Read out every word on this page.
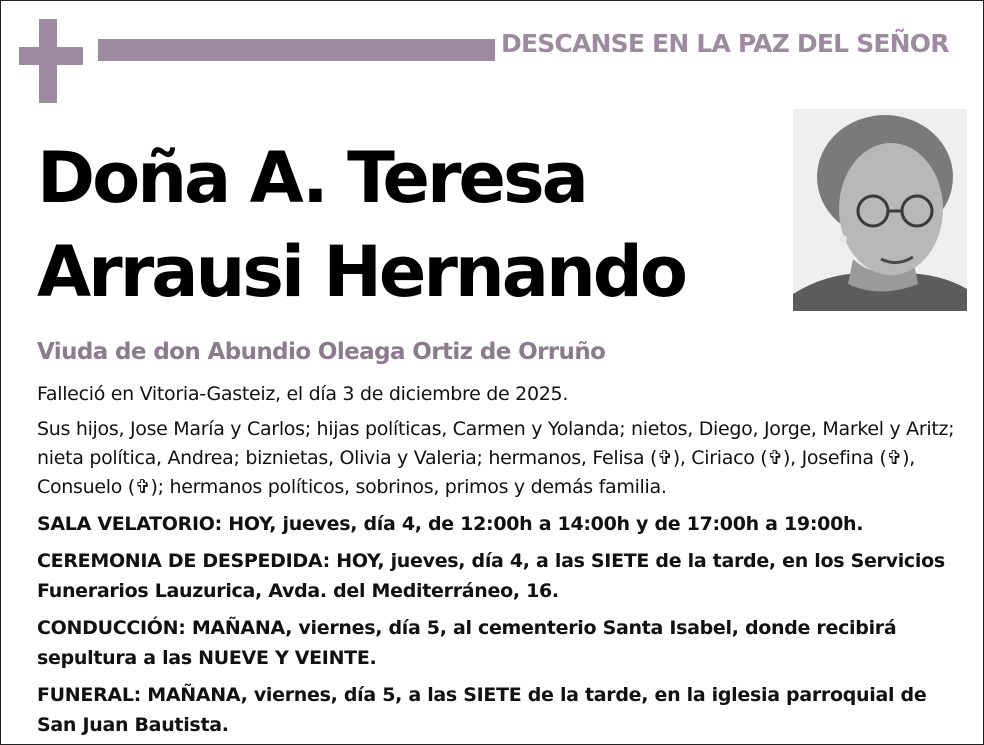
DESCANSE EN LA PAZ DEL SEÑOR
Doña A. Teresa
Arrausi Hernando
Viuda de don Abundio Oleaga Ortiz de Orruño

Falleció en Vitoria-Gasteiz, el día 3 de diciembre de 2025.

Sus hijos, Jose María y Carlos; hijas políticas, Carmen y Yolanda; nietos, Diego, Jorge, Markel y Aritz; nieta política, Andrea; biznietas, Olivia y Valeria; hermanos, Felisa (✞), Ciriaco (✞), Josefina (✞), Consuelo (✞); hermanos políticos, sobrinos, primos y demás familia.

SALA VELATORIO: HOY, jueves, día 4, de 12:00h a 14:00h y de 17:00h a 19:00h.

CEREMONIA DE DESPEDIDA: HOY, jueves, día 4, a las SIETE de la tarde, en los Servicios Funerarios Lauzurica, Avda. del Mediterráneo, 16.

CONDUCCIÓN: MAÑANA, viernes, día 5, al cementerio Santa Isabel, donde recibirá sepultura a las NUEVE Y VEINTE.

FUNERAL: MAÑANA, viernes, día 5, a las SIETE de la tarde, en la iglesia parroquial de San Juan Bautista.
